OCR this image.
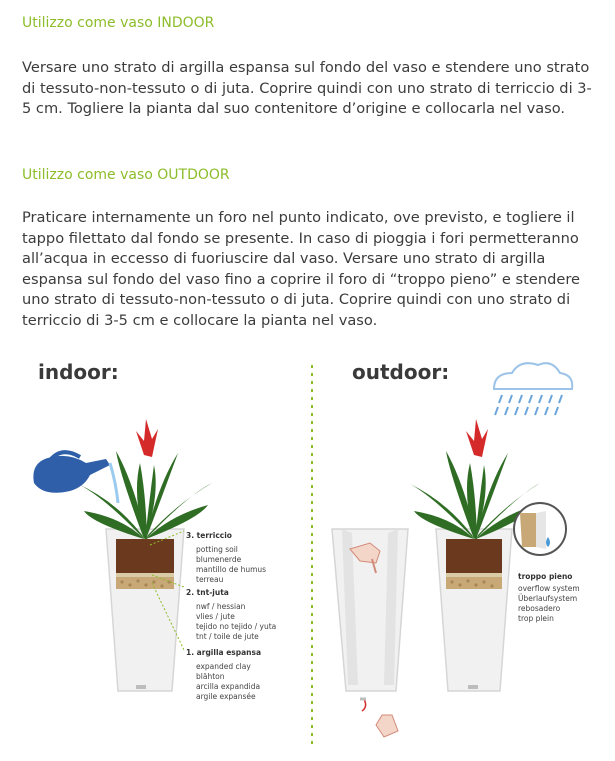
Utilizzo come vaso INDOOR
Versare uno strato di argilla espansa sul fondo del vaso e stendere uno strato di tessuto-non-tessuto o di juta. Coprire quindi con uno strato di terriccio di 3-5 cm. Togliere la pianta dal suo contenitore d’origine e collocarla nel vaso.
Utilizzo come vaso OUTDOOR
Praticare internamente un foro nel punto indicato, ove previsto, e togliere il tappo filettato dal fondo se presente. In caso di pioggia i fori permetteranno all’acqua in eccesso di fuoriuscire dal vaso. Versare uno strato di argilla espansa sul fondo del vaso fino a coprire il foro di “troppo pieno” e stendere uno strato di tessuto-non-tessuto o di juta. Coprire quindi con uno strato di terriccio di 3-5 cm e collocare la pianta nel vaso.
indoor:	outdoor:
3. terriccio
potting soil
blumenerde
mantillo de humus
terreau
2. tnt-juta
nwf / hessian
vlies / jute
tejido no tejido / yuta
tnt / toile de jute
1. argilla espansa
expanded clay
blähton
arcilla expandida
argile expansée
troppo pieno
overflow system
Überlaufsystem
rebosadero
trop plein
